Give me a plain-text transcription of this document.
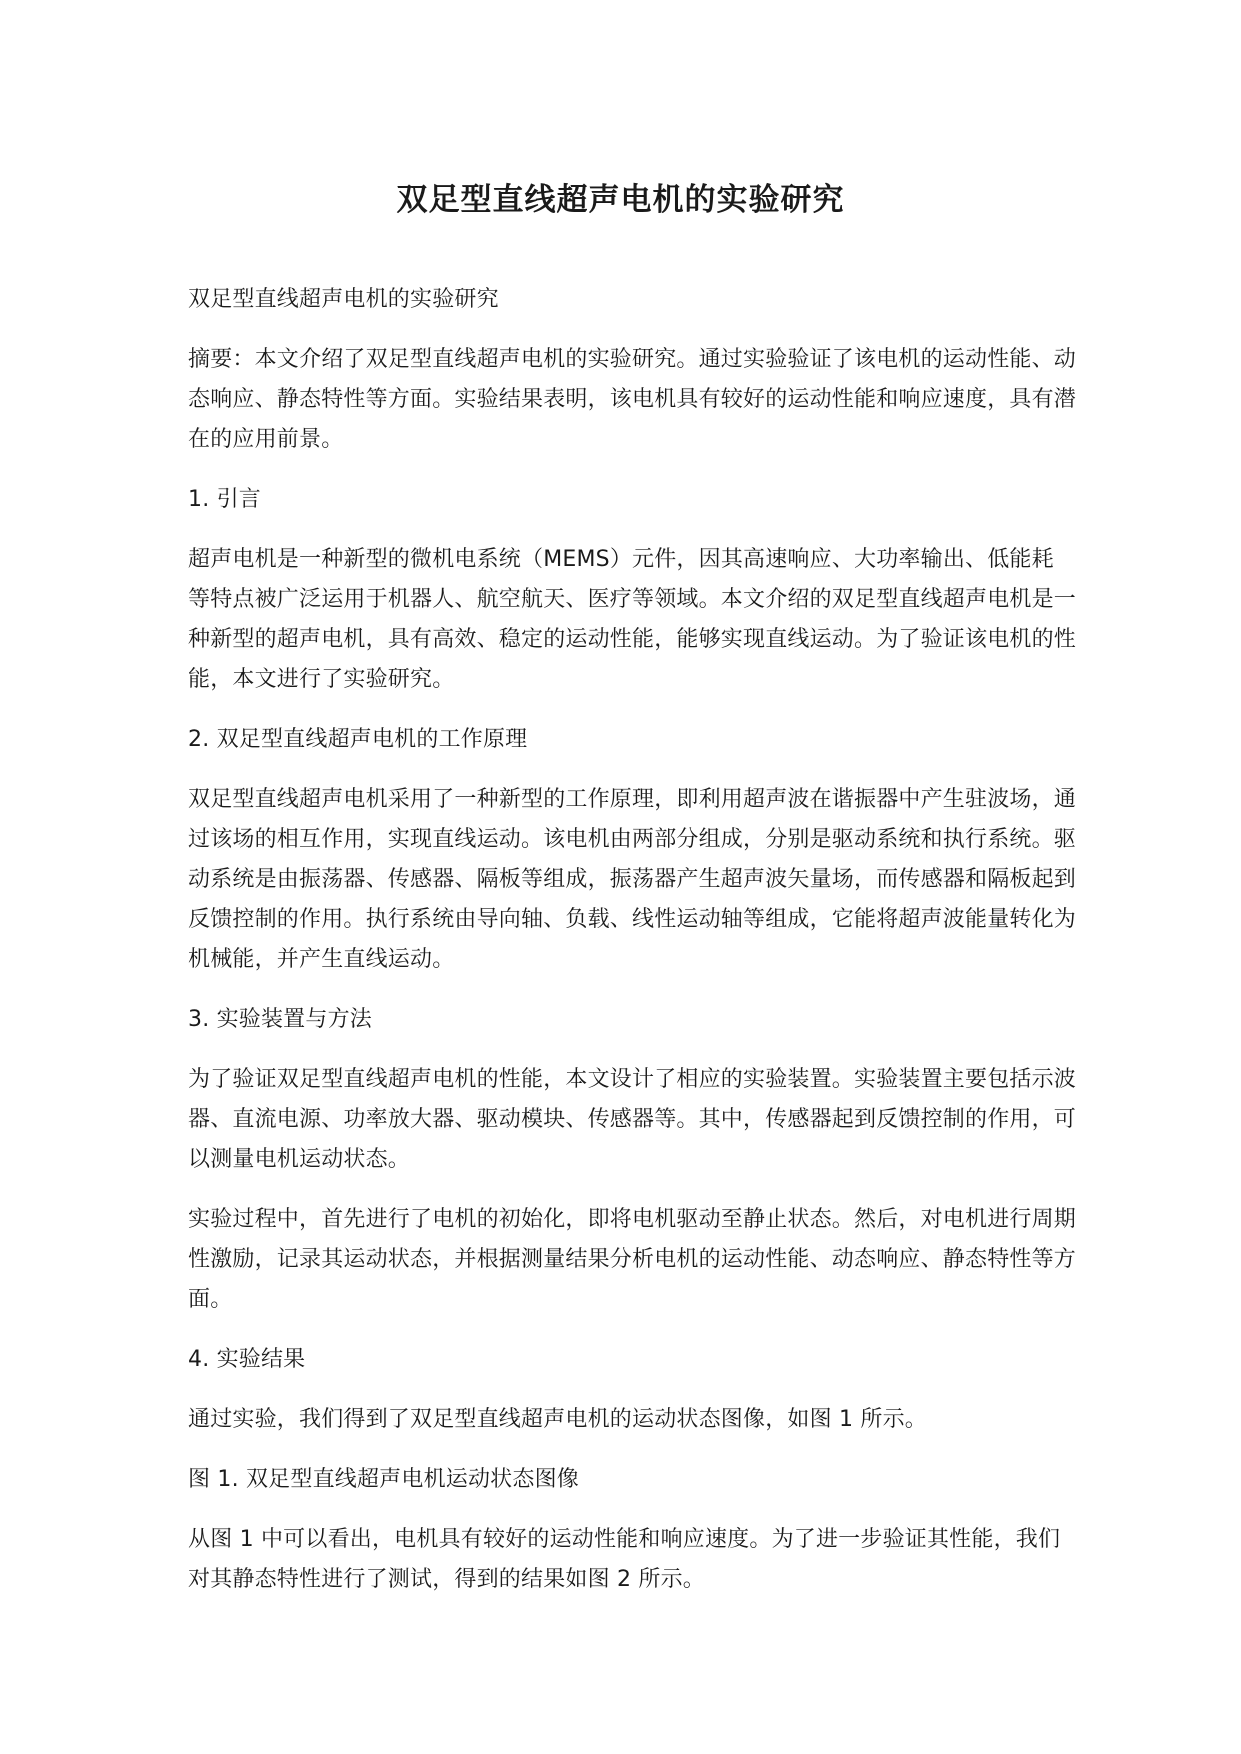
双足型直线超声电机的实验研究

双足型直线超声电机的实验研究

摘要：本文介绍了双足型直线超声电机的实验研究。通过实验验证了该电机的运动性能、动态响应、静态特性等方面。实验结果表明，该电机具有较好的运动性能和响应速度，具有潜在的应用前景。

1. 引言

超声电机是一种新型的微机电系统（MEMS）元件，因其高速响应、大功率输出、低能耗等特点被广泛运用于机器人、航空航天、医疗等领域。本文介绍的双足型直线超声电机是一种新型的超声电机，具有高效、稳定的运动性能，能够实现直线运动。为了验证该电机的性能，本文进行了实验研究。

2. 双足型直线超声电机的工作原理

双足型直线超声电机采用了一种新型的工作原理，即利用超声波在谐振器中产生驻波场，通过该场的相互作用，实现直线运动。该电机由两部分组成，分别是驱动系统和执行系统。驱动系统是由振荡器、传感器、隔板等组成，振荡器产生超声波矢量场，而传感器和隔板起到反馈控制的作用。执行系统由导向轴、负载、线性运动轴等组成，它能将超声波能量转化为机械能，并产生直线运动。

3. 实验装置与方法

为了验证双足型直线超声电机的性能，本文设计了相应的实验装置。实验装置主要包括示波器、直流电源、功率放大器、驱动模块、传感器等。其中，传感器起到反馈控制的作用，可以测量电机运动状态。

实验过程中，首先进行了电机的初始化，即将电机驱动至静止状态。然后，对电机进行周期性激励，记录其运动状态，并根据测量结果分析电机的运动性能、动态响应、静态特性等方面。

4. 实验结果

通过实验，我们得到了双足型直线超声电机的运动状态图像，如图 1 所示。

图 1. 双足型直线超声电机运动状态图像

从图 1 中可以看出，电机具有较好的运动性能和响应速度。为了进一步验证其性能，我们对其静态特性进行了测试，得到的结果如图 2 所示。
